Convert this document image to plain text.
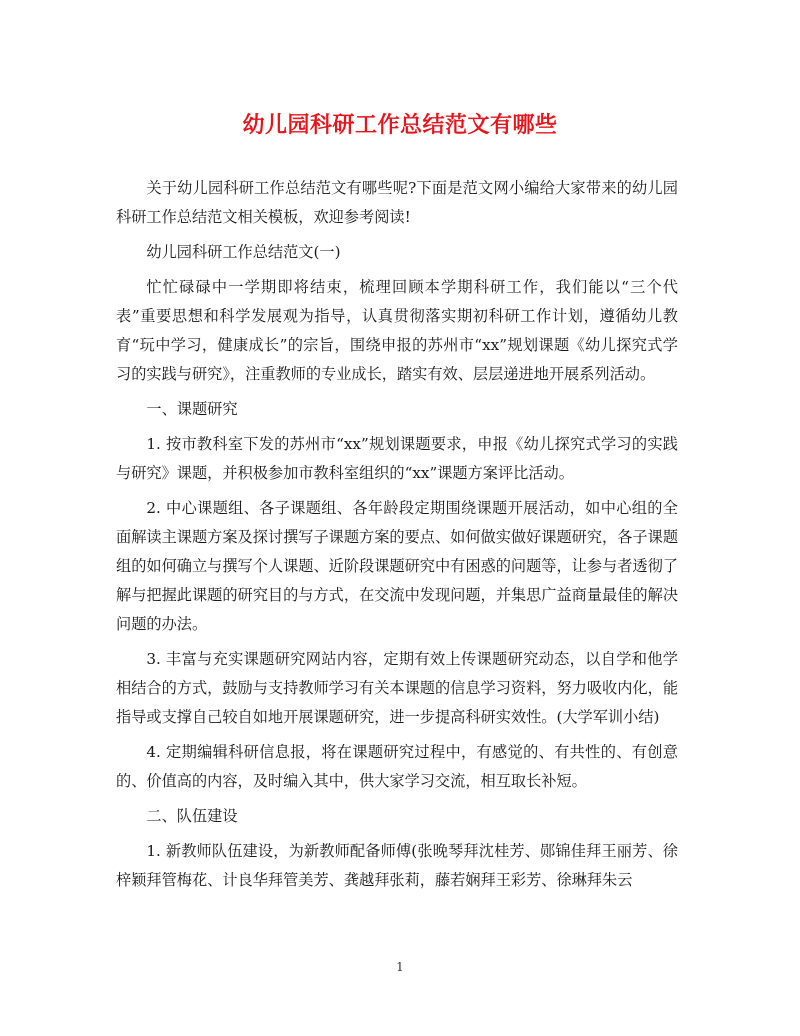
幼儿园科研工作总结范文有哪些

关于幼儿园科研工作总结范文有哪些呢?下面是范文网小编给大家带来的幼儿园科研工作总结范文相关模板，欢迎参考阅读!

幼儿园科研工作总结范文(一)

忙忙碌碌中一学期即将结束，梳理回顾本学期科研工作，我们能以“三个代表”重要思想和科学发展观为指导，认真贯彻落实期初科研工作计划，遵循幼儿教育“玩中学习，健康成长”的宗旨，围绕申报的苏州市“xx”规划课题《幼儿探究式学习的实践与研究》，注重教师的专业成长，踏实有效、层层递进地开展系列活动。

一、课题研究

1. 按市教科室下发的苏州市“xx”规划课题要求，申报《幼儿探究式学习的实践与研究》课题，并积极参加市教科室组织的“xx”课题方案评比活动。

2. 中心课题组、各子课题组、各年龄段定期围绕课题开展活动，如中心组的全面解读主课题方案及探讨撰写子课题方案的要点、如何做实做好课题研究，各子课题组的如何确立与撰写个人课题、近阶段课题研究中有困惑的问题等，让参与者透彻了解与把握此课题的研究目的与方式，在交流中发现问题，并集思广益商量最佳的解决问题的办法。

3. 丰富与充实课题研究网站内容，定期有效上传课题研究动态，以自学和他学相结合的方式，鼓励与支持教师学习有关本课题的信息学习资料，努力吸收内化，能指导或支撑自己较自如地开展课题研究，进一步提高科研实效性。(大学军训小结)

4. 定期编辑科研信息报，将在课题研究过程中，有感觉的、有共性的、有创意的、价值高的内容，及时编入其中，供大家学习交流，相互取长补短。

二、队伍建设

1. 新教师队伍建设，为新教师配备师傅(张晚琴拜沈桂芳、郧锦佳拜王丽芳、徐梓颖拜管梅花、计良华拜管美芳、龚越拜张莉，藤若娴拜王彩芳、徐琳拜朱云

1
